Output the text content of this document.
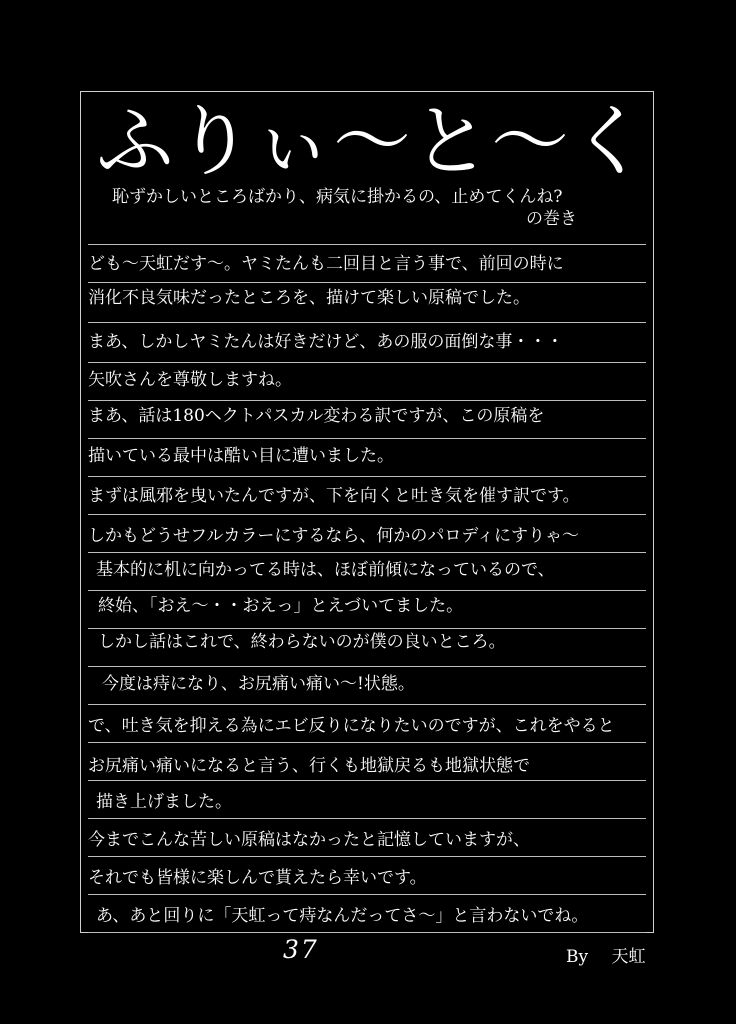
ふりぃ〜と〜く
恥ずかしいところばかり、病気に掛かるの、止めてくんね?
の巻き
ども〜天虹だす〜。ヤミたんも二回目と言う事で、前回の時に
消化不良気味だったところを、描けて楽しい原稿でした。
まあ、しかしヤミたんは好きだけど、あの服の面倒な事・・・
矢吹さんを尊敬しますね。
まあ、話は180ヘクトパスカル変わる訳ですが、この原稿を
描いている最中は酷い目に遭いました。
まずは風邪を曳いたんですが、下を向くと吐き気を催す訳です。
しかもどうせフルカラーにするなら、何かのパロディにすりゃ〜
基本的に机に向かってる時は、ほぼ前傾になっているので、
終始、「おえ〜・・おえっ」とえづいてました。
しかし話はこれで、終わらないのが僕の良いところ。
今度は痔になり、お尻痛い痛い〜!状態。
で、吐き気を抑える為にエビ反りになりたいのですが、これをやると
お尻痛い痛いになると言う、行くも地獄戻るも地獄状態で
描き上げました。
今までこんな苦しい原稿はなかったと記憶していますが、
それでも皆様に楽しんで貰えたら幸いです。
あ、あと回りに「天虹って痔なんだってさ〜」と言わないでね。
37	By 天虹
